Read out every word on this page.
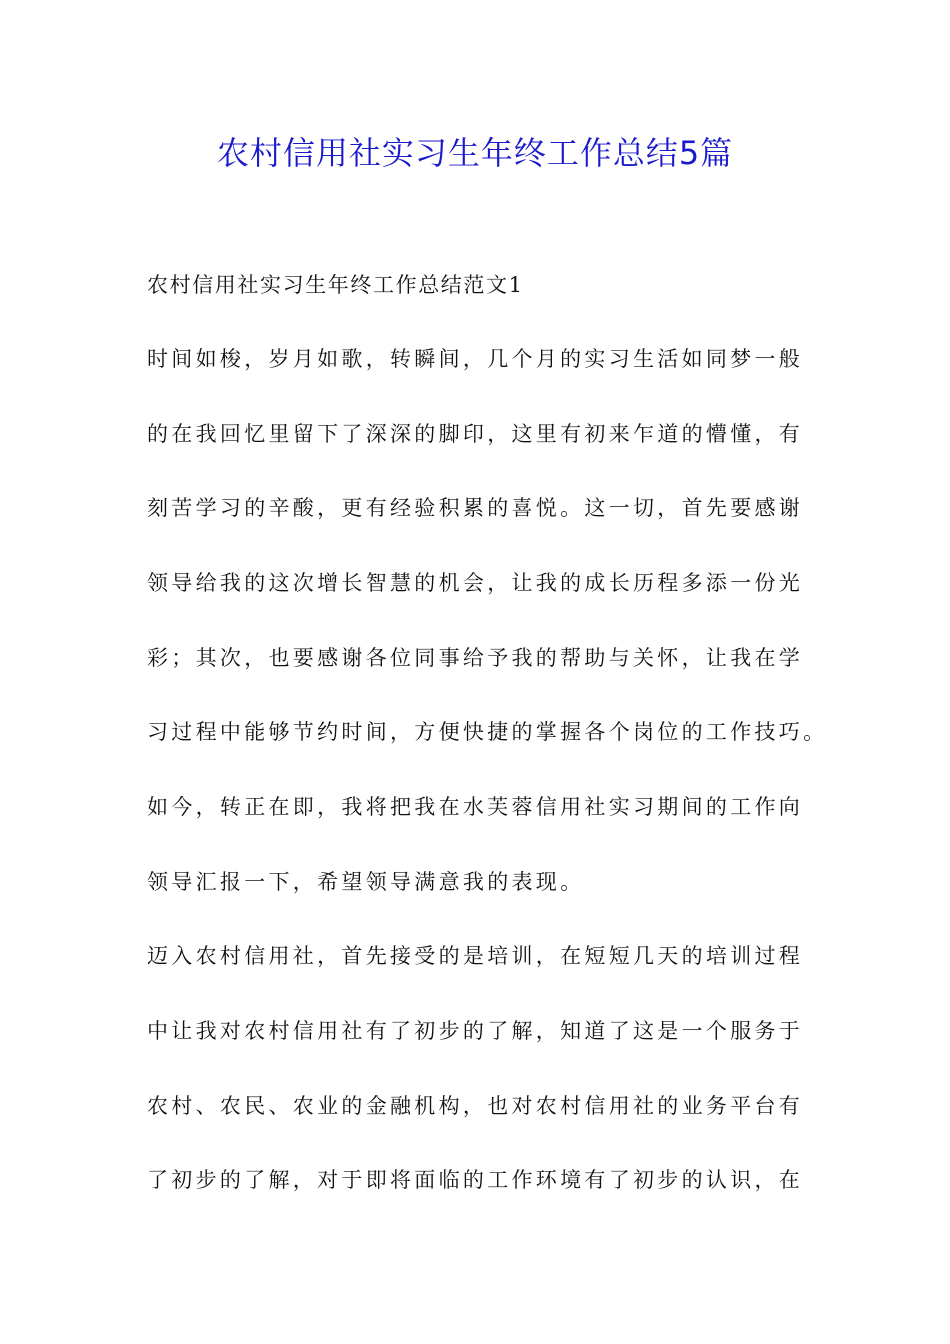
农村信用社实习生年终工作总结5篇

农村信用社实习生年终工作总结范文1

时间如梭，岁月如歌，转瞬间，几个月的实习生活如同梦一般

的在我回忆里留下了深深的脚印，这里有初来乍道的懵懂，有

刻苦学习的辛酸，更有经验积累的喜悦。这一切，首先要感谢

领导给我的这次增长智慧的机会，让我的成长历程多添一份光

彩；其次，也要感谢各位同事给予我的帮助与关怀，让我在学

习过程中能够节约时间，方便快捷的掌握各个岗位的工作技巧。

如今，转正在即，我将把我在水芙蓉信用社实习期间的工作向

领导汇报一下，希望领导满意我的表现。

迈入农村信用社，首先接受的是培训，在短短几天的培训过程

中让我对农村信用社有了初步的了解，知道了这是一个服务于

农村、农民、农业的金融机构，也对农村信用社的业务平台有

了初步的了解，对于即将面临的工作环境有了初步的认识，在
